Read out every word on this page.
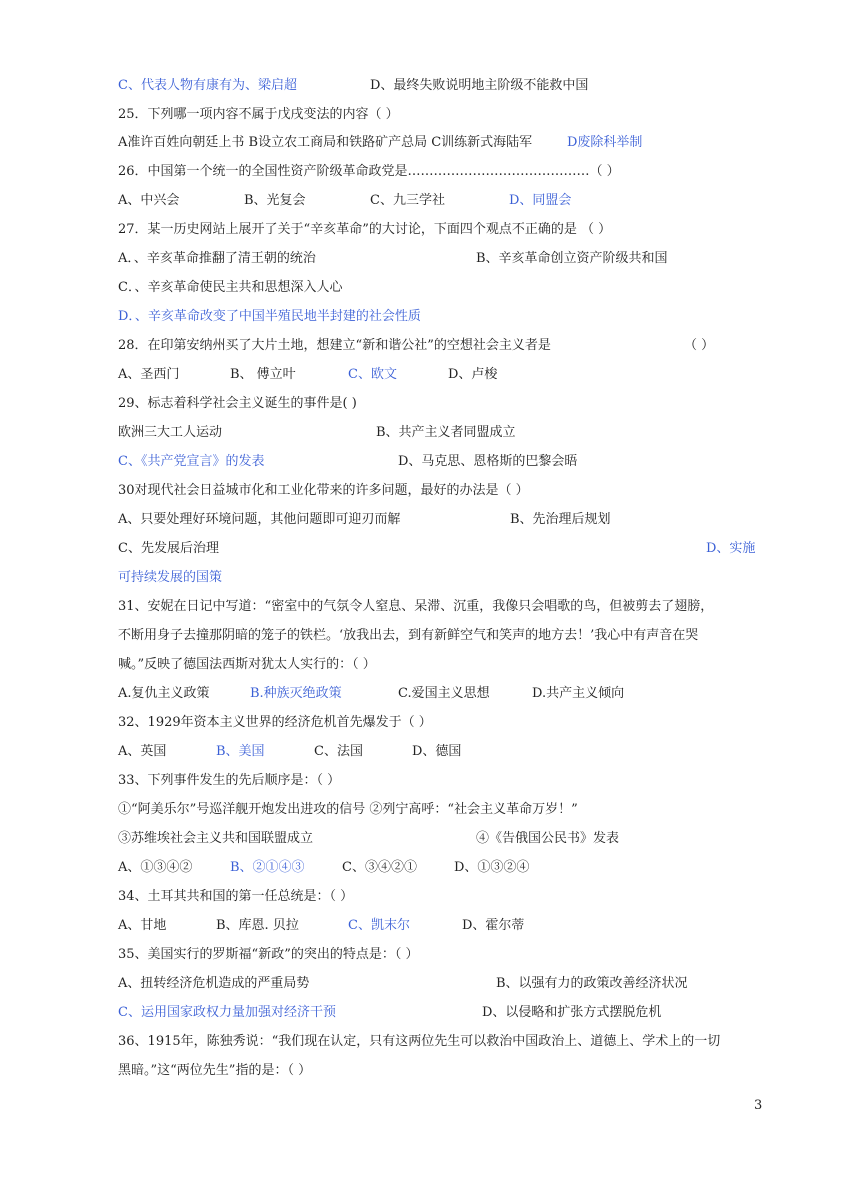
C、代表人物有康有为、梁启超	D、最终失败说明地主阶级不能救中国
25．下列哪一项内容不属于戊戌变法的内容（ ）
A准许百姓向朝廷上书 B设立农工商局和铁路矿产总局 C训练新式海陆军	D废除科举制
26．中国第一个统一的全国性资产阶级革命政党是……………………………………（ ）
A、中兴会	B、光复会	C、九三学社	D、同盟会
27．某一历史网站上展开了关于“辛亥革命”的大讨论，下面四个观点不正确的是 （ ）
A．、辛亥革命推翻了清王朝的统治	B、辛亥革命创立资产阶级共和国
C．、辛亥革命使民主共和思想深入人心
D．、辛亥革命改变了中国半殖民地半封建的社会性质
28．在印第安纳州买了大片土地，想建立“新和谐公社”的空想社会主义者是	（ ）
A、圣西门	B、 傅立叶	C、欧文	D、卢梭
29、标志着科学社会主义诞生的事件是( )
欧洲三大工人运动	B、共产主义者同盟成立
C、《共产党宣言》的发表	D、马克思、恩格斯的巴黎会晤
30对现代社会日益城市化和工业化带来的许多问题，最好的办法是（ ）
A、只要处理好环境问题，其他问题即可迎刃而解	B、先治理后规划
C、先发展后治理	D、实施
可持续发展的国策
31、安妮在日记中写道：“密室中的气氛令人窒息、呆滞、沉重，我像只会唱歌的鸟，但被剪去了翅膀，
不断用身子去撞那阴暗的笼子的铁栏。‘放我出去，到有新鲜空气和笑声的地方去！’我心中有声音在哭
喊。”反映了德国法西斯对犹太人实行的：（ ）
A.复仇主义政策	B.种族灭绝政策	C.爱国主义思想	D.共产主义倾向
32、1929年资本主义世界的经济危机首先爆发于（ ）
A、英国	B、美国	C、法国	D、德国
33、下列事件发生的先后顺序是：（ ）
①“阿美乐尔”号巡洋舰开炮发出进攻的信号 ②列宁高呼：“社会主义革命万岁！”
③苏维埃社会主义共和国联盟成立	④《告俄国公民书》发表
A、①③④②	B、②①④③	C、③④②①	D、①③②④
34、土耳其共和国的第一任总统是：（ ）
A、甘地	B、库恩. 贝拉	C、凯末尔	D、霍尔蒂
35、美国实行的罗斯福“新政”的突出的特点是：（ ）
A、扭转经济危机造成的严重局势	B、以强有力的政策改善经济状况
C、运用国家政权力量加强对经济干预	D、以侵略和扩张方式摆脱危机
36、1915年，陈独秀说：“我们现在认定，只有这两位先生可以救治中国政治上、道德上、学术上的一切
黑暗。”这“两位先生”指的是：（ ）
3
